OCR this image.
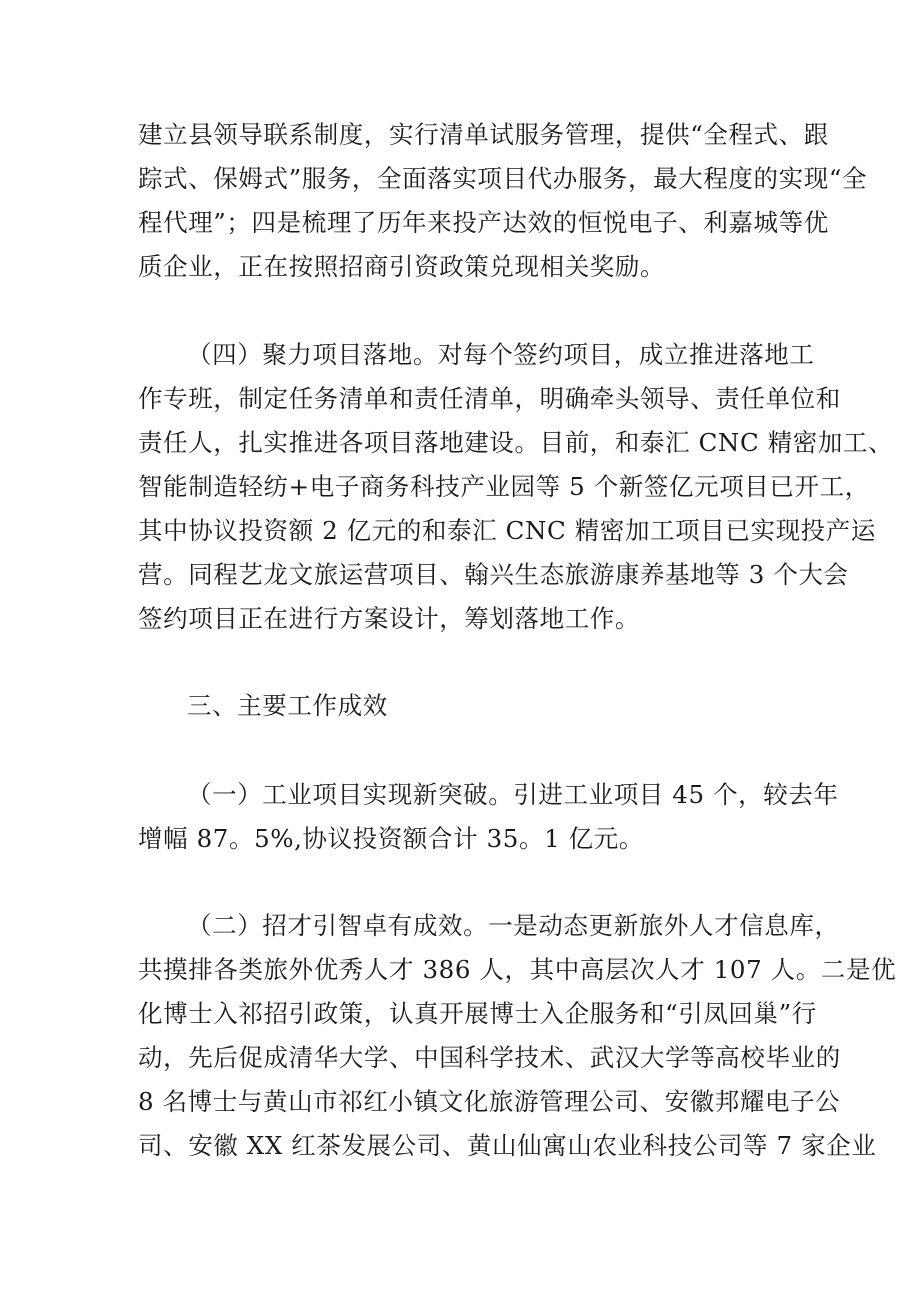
建立县领导联系制度，实行清单试服务管理，提供“全程式、跟

踪式、保姆式”服务，全面落实项目代办服务，最大程度的实现“全

程代理”；四是梳理了历年来投产达效的恒悦电子、利嘉城等优

质企业，正在按照招商引资政策兑现相关奖励。

（四）聚力项目落地。对每个签约项目，成立推进落地工

作专班，制定任务清单和责任清单，明确牵头领导、责任单位和

责任人，扎实推进各项目落地建设。目前，和泰汇 CNC 精密加工、

智能制造轻纺+电子商务科技产业园等 5 个新签亿元项目已开工，

其中协议投资额 2 亿元的和泰汇 CNC 精密加工项目已实现投产运

营。同程艺龙文旅运营项目、翰兴生态旅游康养基地等 3 个大会

签约项目正在进行方案设计，筹划落地工作。

三、主要工作成效

（一）工业项目实现新突破。引进工业项目 45 个，较去年

增幅 87。5%,协议投资额合计 35。1 亿元。

（二）招才引智卓有成效。一是动态更新旅外人才信息库，

共摸排各类旅外优秀人才 386 人，其中高层次人才 107 人。二是优

化博士入祁招引政策，认真开展博士入企服务和“引凤回巢”行

动，先后促成清华大学、中国科学技术、武汉大学等高校毕业的

8 名博士与黄山市祁红小镇文化旅游管理公司、安徽邦耀电子公

司、安徽 XX 红茶发展公司、黄山仙寓山农业科技公司等 7 家企业
